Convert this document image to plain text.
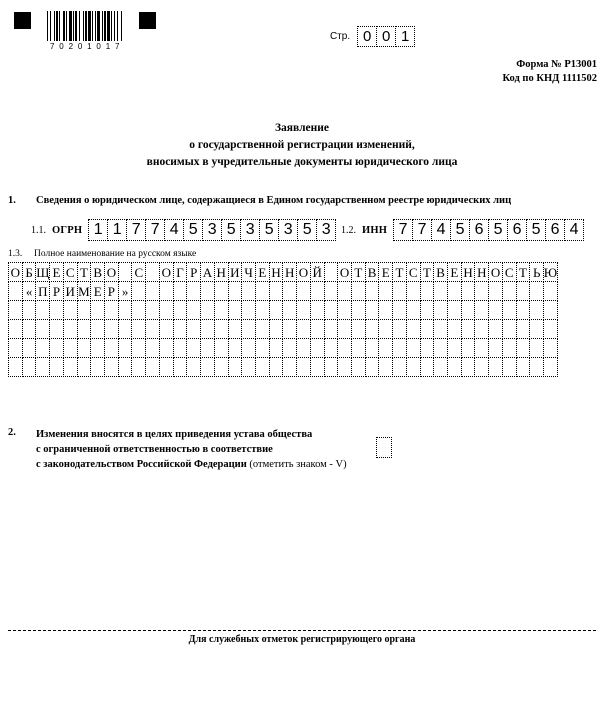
7 0 2 0 1 0 1 7
Стр. 0 0 1
Форма № Р13001
Код по КНД 1111502
Заявление
о государственной регистрации изменений,
вносимых в учредительные документы юридического лица
1.	Сведения о юридическом лице, содержащиеся в Едином государственном реестре юридических лиц
1.1. ОГРН 1 1 7 7 4 5 3 5 3 5 3 5 3	1.2. ИНН 7 7 4 5 6 5 6 5 6 4
1.3.	Полное наименование на русском языке
О Б Щ Е С Т В О С О Г Р А Н И Ч Е Н Н О Й О Т В Е Т С Т В Е Н Н О С Т Ь Ю
« П Р И М Е Р »
2.	Изменения вносятся в целях приведения устава общества
с ограниченной ответственностью в соответствие
с законодательством Российской Федерации (отметить знаком - V)
Для служебных отметок регистрирующего органа
